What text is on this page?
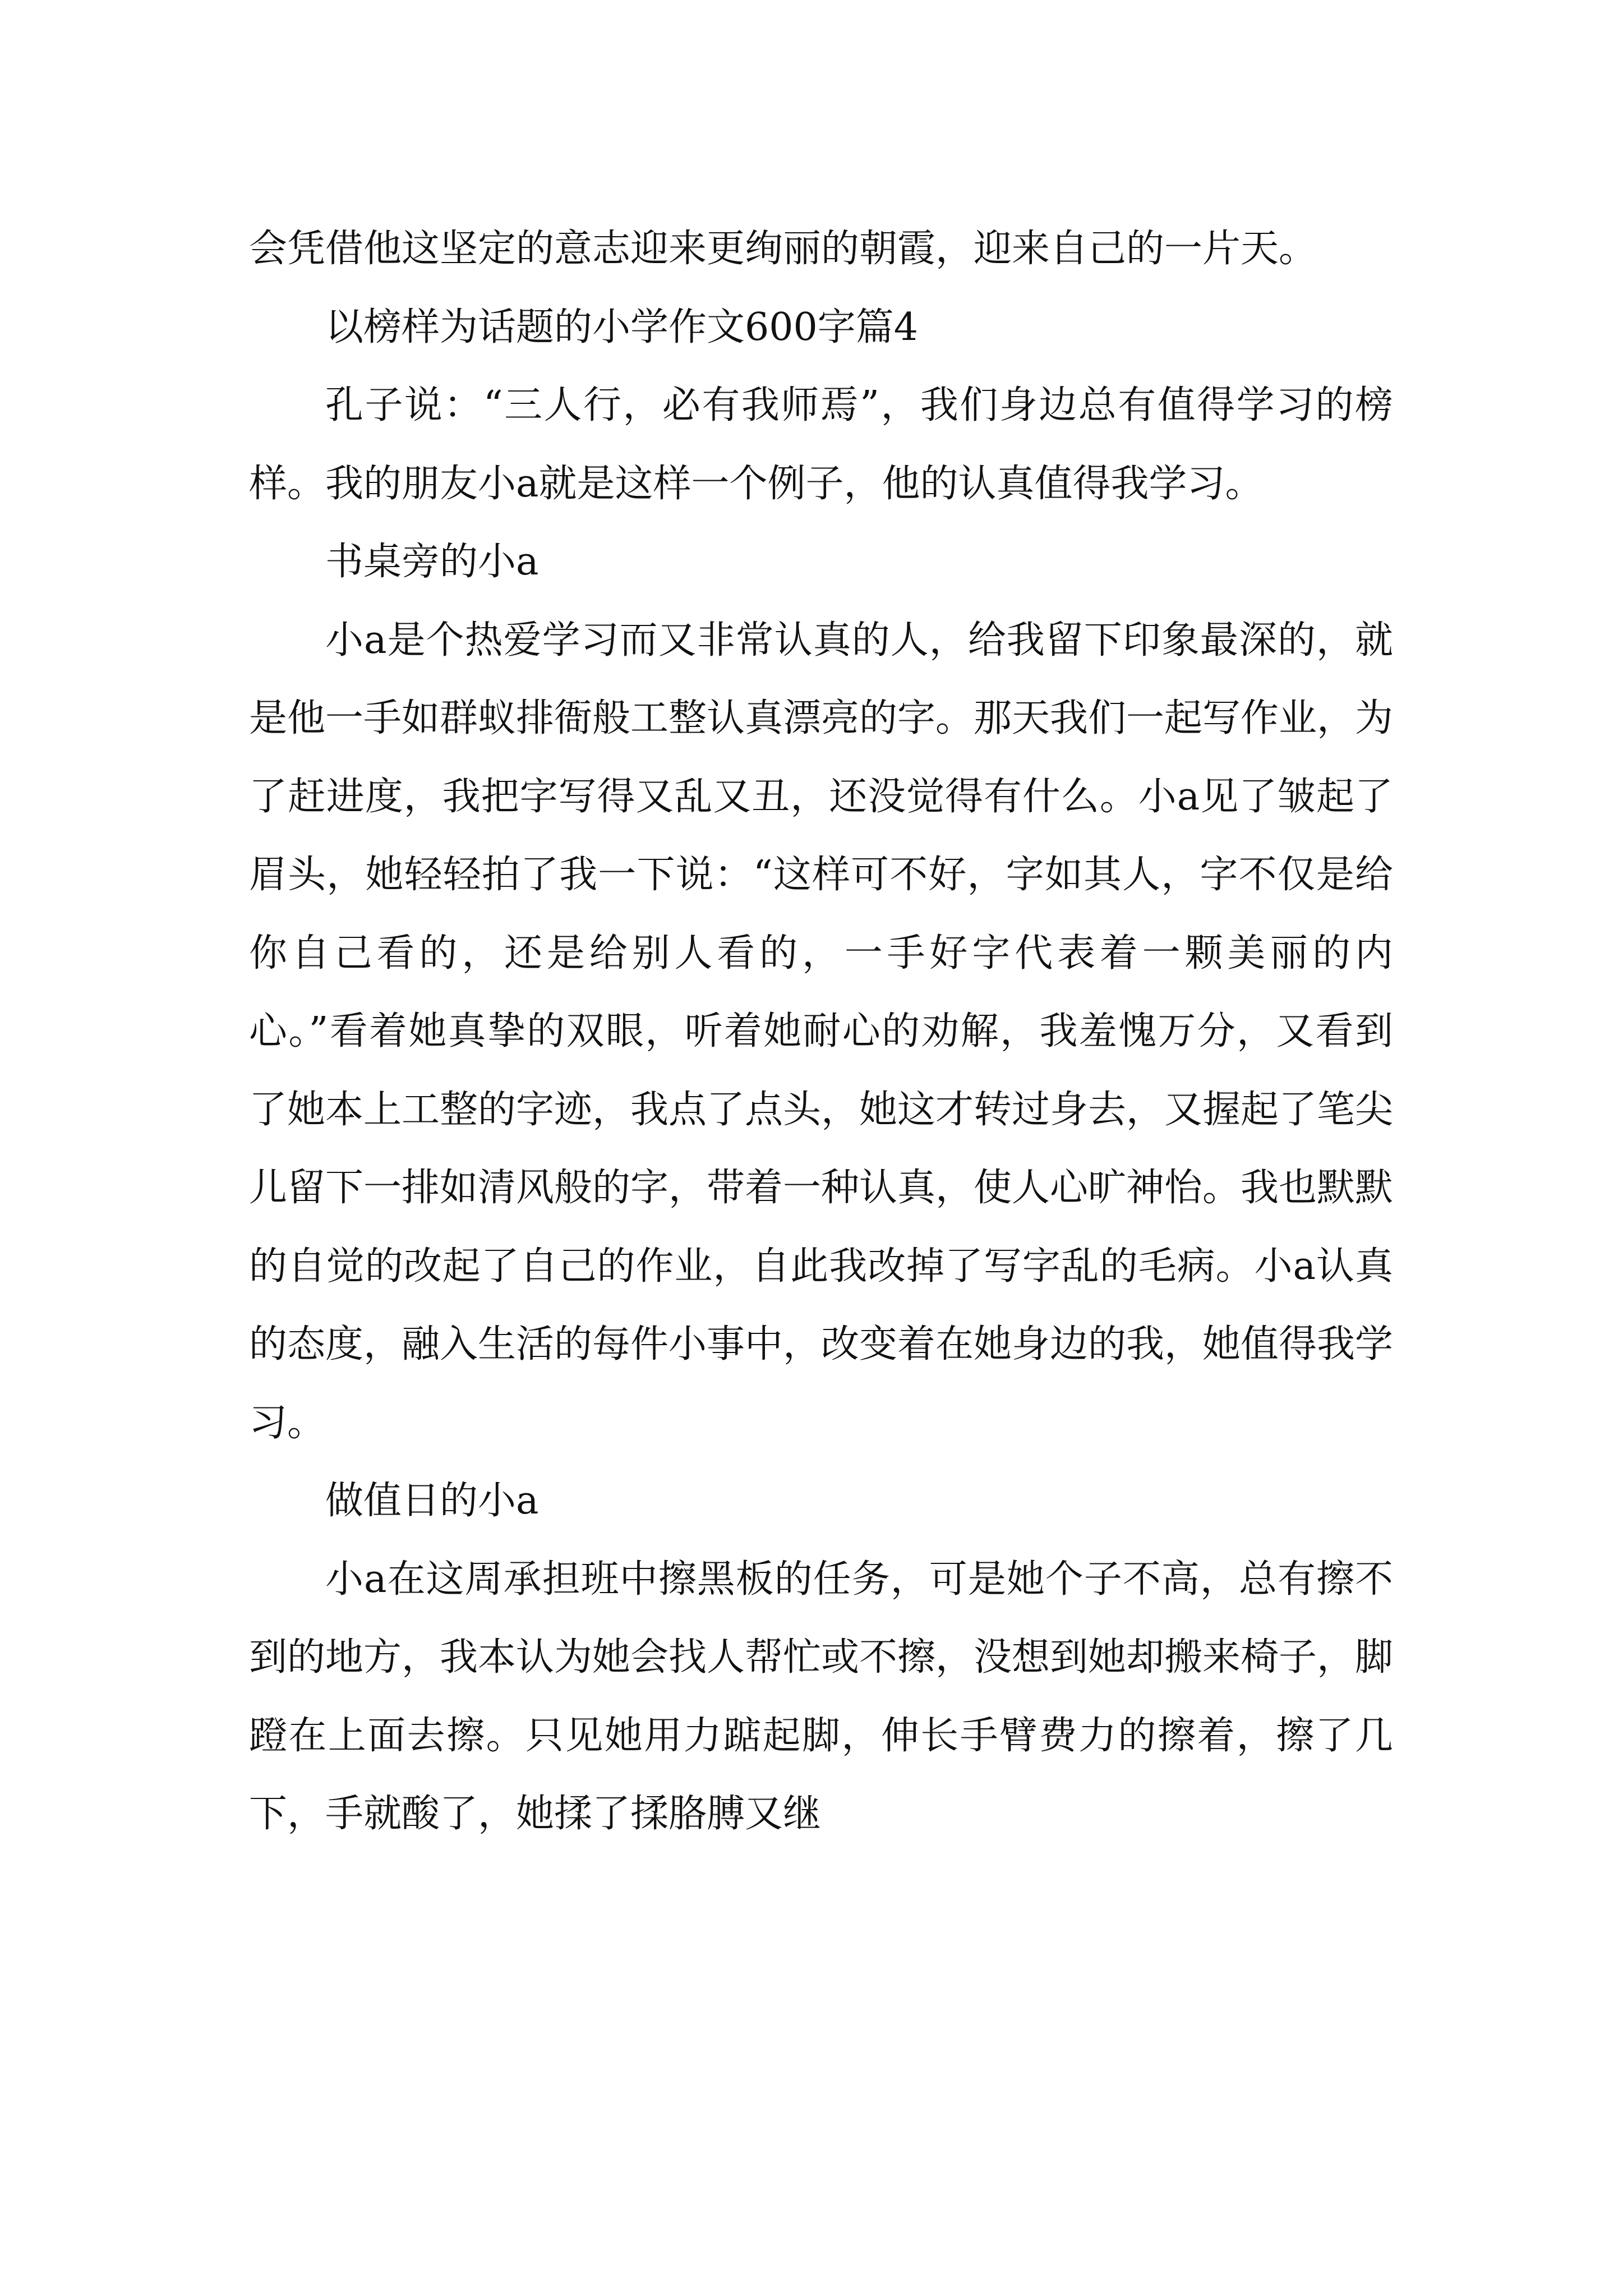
会凭借他这坚定的意志迎来更绚丽的朝霞，迎来自己的一片天。

以榜样为话题的小学作文600字篇4

孔子说：“三人行，必有我师焉”，我们身边总有值得学习的榜样。我的朋友小a就是这样一个例子，他的认真值得我学习。

书桌旁的小a

小a是个热爱学习而又非常认真的人，给我留下印象最深的，就是他一手如群蚁排衙般工整认真漂亮的字。那天我们一起写作业，为了赶进度，我把字写得又乱又丑，还没觉得有什么。小a见了皱起了眉头，她轻轻拍了我一下说：“这样可不好，字如其人，字不仅是给你自己看的，还是给别人看的，一手好字代表着一颗美丽的内心。”看着她真挚的双眼，听着她耐心的劝解，我羞愧万分，又看到了她本上工整的字迹，我点了点头，她这才转过身去，又握起了笔尖儿留下一排如清风般的字，带着一种认真，使人心旷神怡。我也默默的自觉的改起了自己的作业，自此我改掉了写字乱的毛病。小a认真的态度，融入生活的每件小事中，改变着在她身边的我，她值得我学习。

做值日的小a

小a在这周承担班中擦黑板的任务，可是她个子不高，总有擦不到的地方，我本认为她会找人帮忙或不擦，没想到她却搬来椅子，脚蹬在上面去擦。只见她用力踮起脚，伸长手臂费力的擦着，擦了几下，手就酸了，她揉了揉胳膊又继
